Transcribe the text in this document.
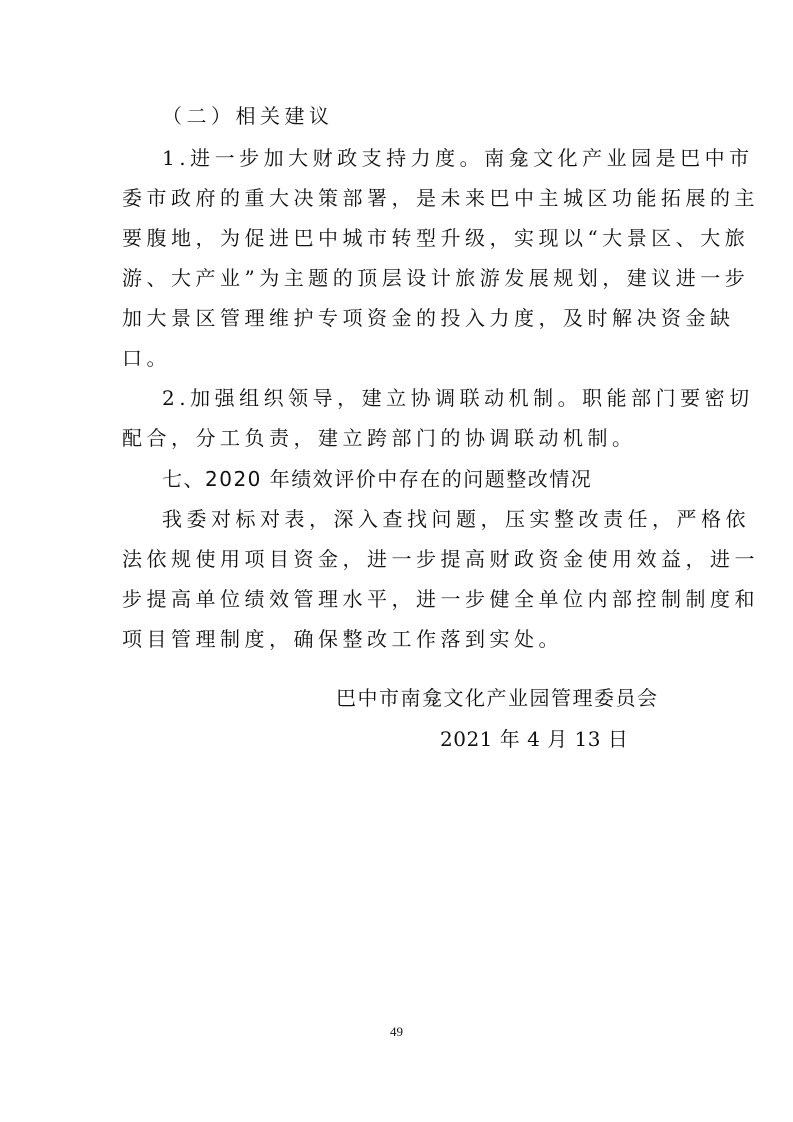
（二）相关建议
1.进一步加大财政支持力度。南龛文化产业园是巴中市
委市政府的重大决策部署，是未来巴中主城区功能拓展的主
要腹地，为促进巴中城市转型升级，实现以“大景区、大旅
游、大产业”为主题的顶层设计旅游发展规划，建议进一步
加大景区管理维护专项资金的投入力度，及时解决资金缺
口。
2.加强组织领导，建立协调联动机制。职能部门要密切
配合，分工负责，建立跨部门的协调联动机制。
七、2020 年绩效评价中存在的问题整改情况
我委对标对表，深入查找问题，压实整改责任，严格依
法依规使用项目资金，进一步提高财政资金使用效益，进一
步提高单位绩效管理水平，进一步健全单位内部控制制度和
项目管理制度，确保整改工作落到实处。
巴中市南龛文化产业园管理委员会
2021 年 4 月 13 日
49
